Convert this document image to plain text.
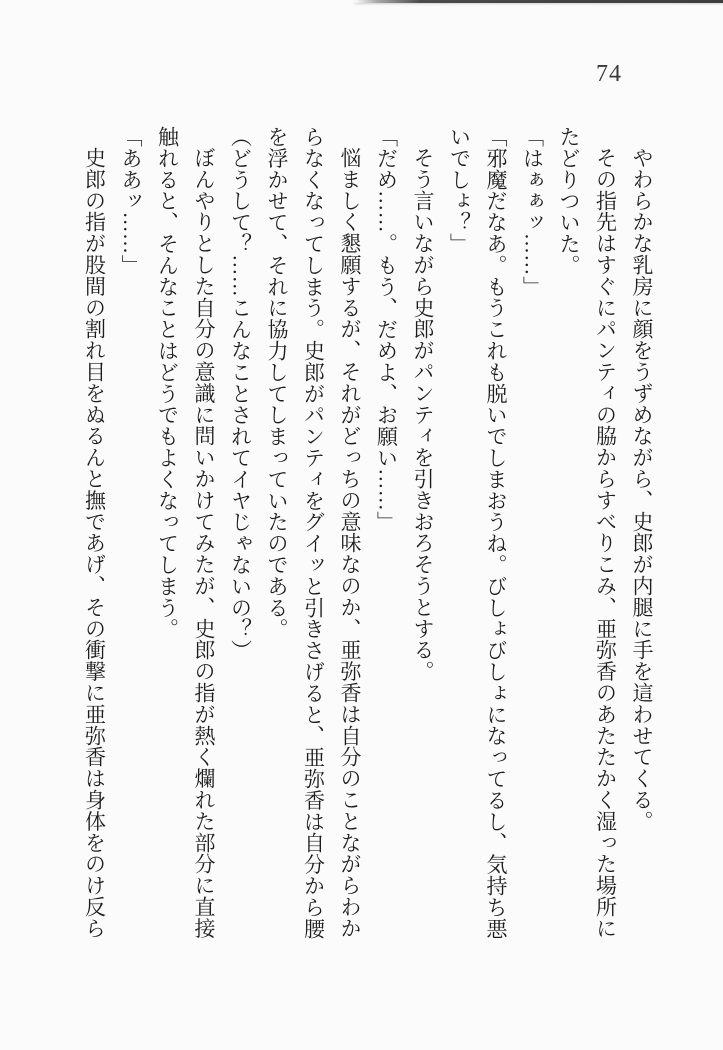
74

やわらかな乳房に顔をうずめながら、史郎が内腿に手を這わせてくる。

その指先はすぐにパンティの脇からすべりこみ、亜弥香のあたたかく湿った場所にたどりついた。

「はぁぁッ……」

「邪魔だなあ。もうこれも脱いでしまおうね。びしょびしょになってるし、気持ち悪いでしょ？」

そう言いながら史郎がパンティを引きおろそうとする。

「だめ……。もう、だめよ、お願い……」

悩ましく懇願するが、それがどっちの意味なのか、亜弥香は自分のことながらわからなくなってしまう。史郎がパンティをグイッと引きさげると、亜弥香は自分から腰を浮かせて、それに協力してしまっていたのである。

（どうして？……こんなことされてイヤじゃないの？）

ぼんやりとした自分の意識に問いかけてみたが、史郎の指が熱く爛れた部分に直接触れると、そんなことはどうでもよくなってしまう。

「ああッ……」

史郎の指が股間の割れ目をぬるんと撫であげ、その衝撃に亜弥香は身体をのけ反ら
